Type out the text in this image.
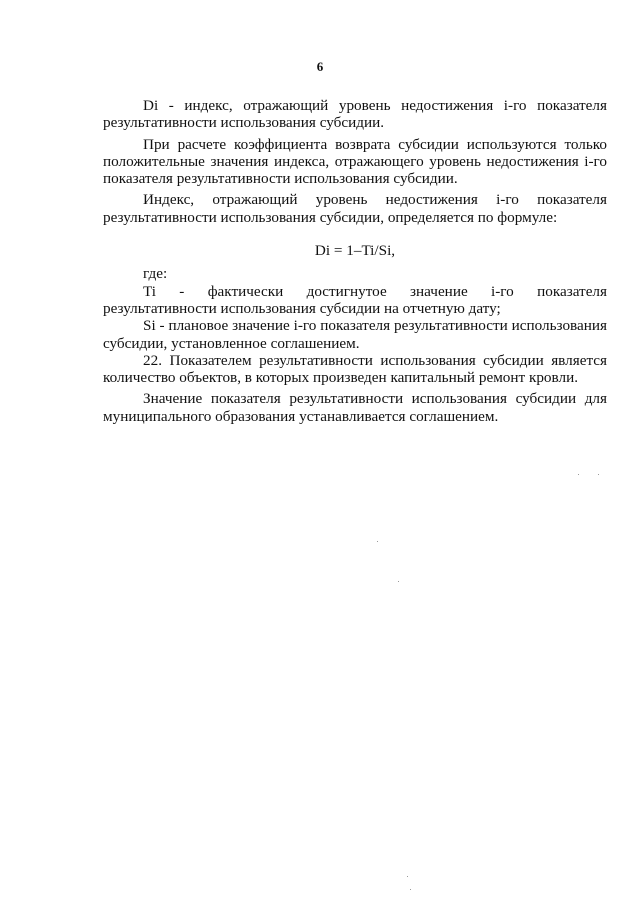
6

Di - индекс, отражающий уровень недостижения i-го показателя результативности использования субсидии.

При расчете коэффициента возврата субсидии используются только положительные значения индекса, отражающего уровень недостижения i-го показателя результативности использования субсидии.

Индекс, отражающий уровень недостижения i-го показателя результативности использования субсидии, определяется по формуле:

Di = 1–Ti/Si,

где:

Ti - фактически достигнутое значение i-го показателя результативности использования субсидии на отчетную дату;

Si - плановое значение i-го показателя результативности использования субсидии, установленное соглашением.

22. Показателем результативности использования субсидии является количество объектов, в которых произведен капитальный ремонт кровли.

Значение показателя результативности использования субсидии для муниципального образования устанавливается соглашением.
